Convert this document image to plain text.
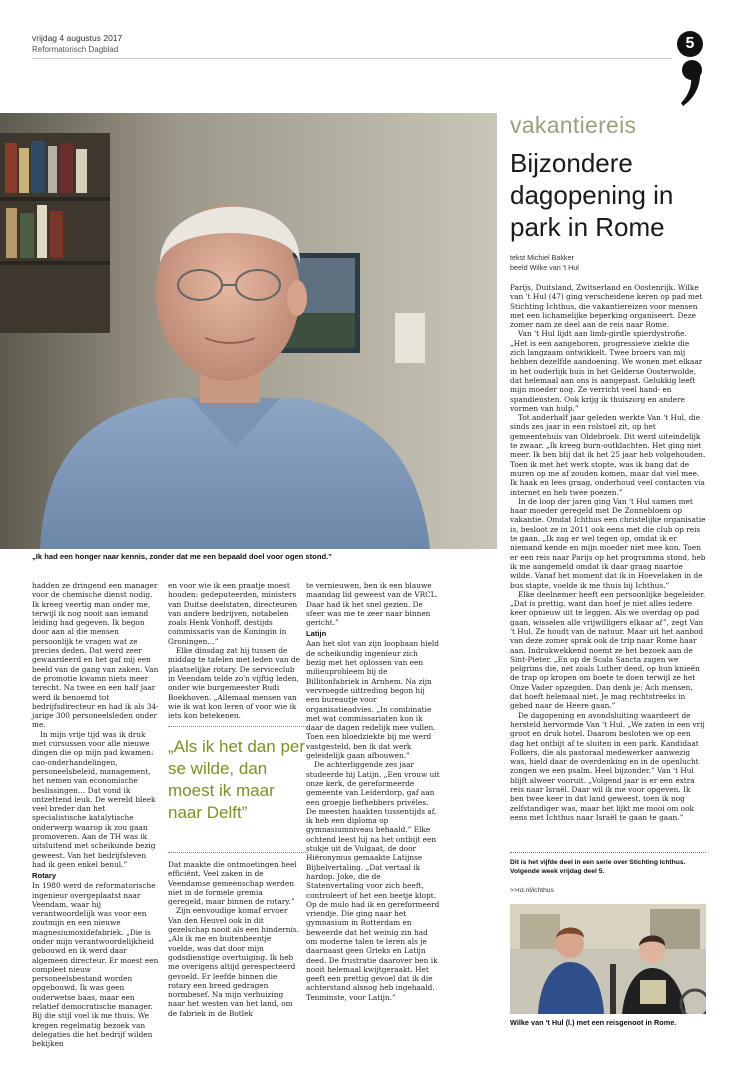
vrijdag 4 augustus 2017
Reformatorisch Dagblad	5
„Ik had een honger naar kennis, zonder dat me een bepaald doel voor ogen stond.”
vakantiereis
Bijzondere dagopening in park in Rome
tekst Michiel Bakker
beeld Wilke van 't Hul

Parijs, Duitsland, Zwitserland en Oostenrijk. Wilke van 't Hul (47) ging verscheidene keren op pad met Stichting Ichthus, die vakantiereizen voor mensen met een lichamelijke beperking organiseert. Deze zomer nam ze deel aan de reis naar Rome.

Van 't Hul lijdt aan limb-girdle spierdystrofie. „Het is een aangeboren, progressieve ziekte die zich langzaam ontwikkelt. Twee broers van mij hebben dezelfde aandoening. We wonen met elkaar in het ouderlijk huis in het Gelderse Oosterwolde, dat helemaal aan ons is aangepast. Gelukkig leeft mijn moeder nog. Ze verricht veel hand- en spandiensten. Ook krijg ik thuiszorg en andere vormen van hulp.”

Tot anderhalf jaar geleden werkte Van 't Hul, die sinds zes jaar in een rolstoel zit, op het gemeentehuis van Oldebroek. Dit werd uiteindelijk te zwaar. „Ik kreeg burn-outklachten. Het ging niet meer. Ik ben blij dat ik het 25 jaar heb volgehouden. Toen ik met het werk stopte, was ik bang dat de muren op me af zouden komen, maar dat viel mee. Ik haak en lees graag, onderhoud veel contacten via internet en heb twee poezen.”

In de loop der jaren ging Van 't Hul samen met haar moeder geregeld met De Zonnebloem op vakantie. Omdat Ichthus een christelijke organisatie is, besloot ze in 2011 ook eens met die club op reis te gaan. „Ik zag er wel tegen op, omdat ik er niemand kende en mijn moeder niet mee kon. Toen er een reis naar Parijs op het programma stond, heb ik me aangemeld omdat ik daar graag naartoe wilde. Vanaf het moment dat ik in Hoevelaken in de bus stapte, voelde ik me thuis bij Ichthus.”

Elke deelnemer heeft een persoonlijke begeleider. „Dat is prettig, want dan hoef je niet alles iedere keer opnieuw uit te leggen. Als we overdag op pad gaan, wisselen alle vrijwilligers elkaar af”, zegt Van 't Hul. Ze houdt van de natuur. Maar uit het aanbod van deze zomer sprak ook de trip naar Rome haar aan. Indrukwekkend noemt ze het bezoek aan de Sint-Pieter. „En op de Scala Sancta zagen we pelgrims die, net zoals Luther deed, op hun knieën de trap op kropen om boete te doen terwijl ze het Onze Vader opzegden. Dan denk je: Ach mensen, dat hoeft helemaal niet. Je mag rechtstreeks in gebed naar de Heere gaan.”

De dagopening en avondsluiting waardeert de hersteld hervormde Van 't Hul. „We zaten in een vrij groot en druk hotel. Daarom besloten we op een dag het ontbijt af te sluiten in een park. Kandidaat Folkers, die als pastoraal medewerker aanwezig was, hield daar de overdenking en in de openlucht zongen we een psalm. Heel bijzonder.” Van 't Hul blijft alweer vooruit. „Volgend jaar is er een extra reis naar Israël. Daar wil ik me voor opgeven. Ik ben twee keer in dat land geweest, toen ik nog zelfstandiger was, maar het lijkt me mooi om ook eens met Ichthus naar Israël te gaan te gaan.”

hadden ze dringend een manager voor de chemische dienst nodig. Ik kreeg veertig man onder me, terwijl ik nog nooit aan iemand leiding had gegeven. Ik begon door aan al die mensen persoonlijk te vragen wat ze precies deden. Dat werd zeer gewaardeerd en het gaf mij een beeld van de gang van zaken. Van de promotie kwamn niets meer terecht. Na twee en een half jaar werd ik benoemd tot bedrijfsdirecteur en had ik als 34-jarige 300 personeelsleden onder me.

In mijn vrije tijd was ik druk met cursussen voor alle nieuwe dingen die op mijn pad kwamen: cao-onderhandelingen, personeelsbeleid, management, het nemen van economische beslissingen… Dat vond ik ontzettend leuk. De wereld bleek veel breder dan het specialistische katalytische onderwerp waarop ik zou gaan promoveren. Aan de TH was ik uitsluitend met scheikunde bezig geweest. Van het bedrijfsleven had ik geen enkel benul.”

Rotary

In 1980 werd de reformatorische ingenieur overgeplaatst naar Veendam, waar hij verantwoordelijk was voor een zoutmijn en een nieuwe magnesiumoxidefabriek. „Die is onder mijn verantwoordelijkheid gebouwd en ik werd daar algemeen directeur. Er moest een compleet nieuw personeelsbestand worden opgebouwd. Ik was geen ouderwetse baas, maar een relatief democratische manager. Bij die stijl voel ik me thuis. We kregen regelmatig bezoek van delegaties die het bedrijf wilden bekijken

en voor wie ik een praatje moest houden: gedeputeerden, ministers van Duitse deelstaten, directeuren van andere bedrijven, notabelen zoals Henk Vonhoff, destijds commissaris van de Koningin in Groningen…”

Elke dinsdag zat hij tussen de middag te tafelen met leden van de plaatselijke rotary. De serviceclub in Veendam telde zo'n vijftig leden, onder wie burgemeester Rudi Boekhoven. „Allemaal mensen van wie ik wat kon leren of voor wie ik iets kon betekenen.

„Als ik het dan per se wilde, dan moest ik maar naar Delft”

Dat maakte die ontmoetingen heel efficiënt. Veel zaken in de Veendamse gemeenschap werden niet in de formele gremia geregeld, maar binnen de rotary.”

Zijn eenvoudige komaf ervoer Van den Heuvel ook in dit gezelschap nooit als een hindernis. „Als ik me en buitenbeentje voelde, was dat door mijn godsdienstige overtuiging. Ik heb me overigens altijd gerespecteerd gevoeld. Er leefde binnen die rotary een breed gedragen normbesef. Na mijn verhuizing naar het westen van het land, om de fabriek in de Botlek

te vernieuwen, ben ik een blauwe maandag lid geweest van de VRCL. Daar had ik het snel gezien. De sfeer was me te zeer naar binnen gericht.”

Latijn

Aan het slot van zijn loopbaan hield de scheikundig ingenieur zich bezig met het oplossen van een milieuprobleem bij de Billitonfabriek in Arnhem. Na zijn vervroegde uittreding begon hij een bureautje voor organisatieadvies. „In combinatie met wat commissariaten kon ik daar de dagen redelijk mee vullen. Toen een bloedziekte bij me werd vastgesteld, ben ik dat werk geleidelijk gaan afbouwen.”

De achterliggende zes jaar studeerde hij Latijn. „Een vrouw uit onze kerk, de gereformeerde gemeente van Leiderdorp, gaf aan een groepje liefhebbers privéles. De meesten haakten tussentijds af, ik heb een diploma op gymnasiumniveau behaald.” Elke ochtend leest hij na het ontbijt een stukje uit de Vulgaat, de door Hiëronymus gemaakte Latijnse Bijbelvertaling. „Dat vertaal ik hardop. Joke, die de Statenvertaling voor zich heeft, controleert of het een beetje klopt. Op de mulo had ik en gereformeerd vriendje. Die ging naar het gymnasium in Rotterdam en beweerde dat het weinig zin had om moderne talen te leren als je daarnaast geen Grieks en Latijn deed. De frustratie daarover ben ik nooit helemaal kwijtgeraakt. Het geeft een prettig gevoel dat ik die achterstand alsnog heb ingehaald. Tenminste, voor Latijn.”

Dit is het vijfde deel in een serie over Stichting Ichthus. Volgende week vrijdag deel 5.
>>rd.nl/ichthus
Wilke van 't Hul (l.) met een reisgenoot in Rome.
